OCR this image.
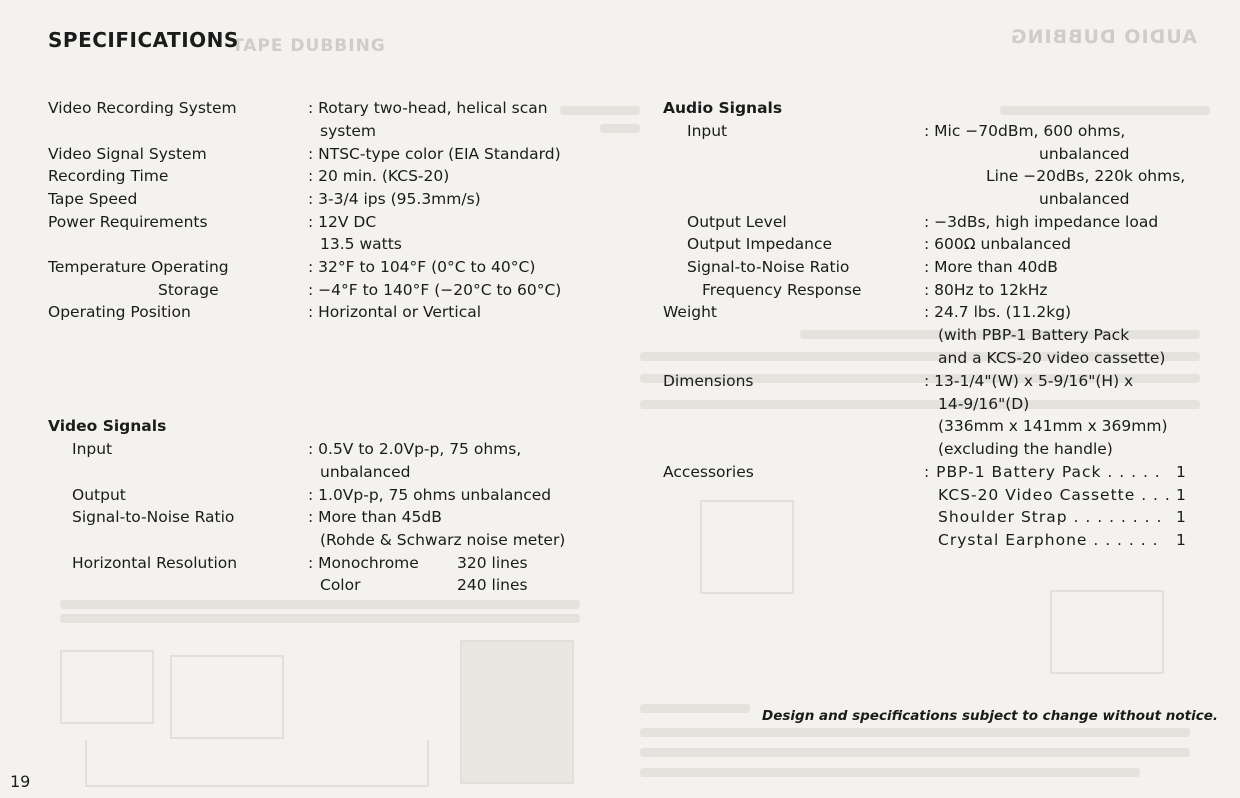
AUDIO DUBBING
TAPE DUBBING
SPECIFICATIONS
Video Recording System	: Rotary two-head, helical scan
system
Video Signal System	: NTSC-type color (EIA Standard)
Recording Time	: 20 min. (KCS-20)
Tape Speed	: 3-3/4 ips (95.3mm/s)
Power Requirements	: 12V DC
13.5 watts
Temperature Operating	: 32°F to 104°F (0°C to 40°C)
Storage	: −4°F to 140°F (−20°C to 60°C)
Operating Position	: Horizontal or Vertical
Video Signals
Input	: 0.5V to 2.0Vp-p, 75 ohms,
unbalanced
Output	: 1.0Vp-p, 75 ohms unbalanced
Signal-to-Noise Ratio	: More than 45dB
(Rohde & Schwarz noise meter)
Horizontal Resolution	: Monochrome 320 lines
Color	240 lines
Audio Signals
Input	: Mic −70dBm, 600 ohms,
unbalanced
Line −20dBs, 220k ohms,
unbalanced
Output Level	: −3dBs, high impedance load
Output Impedance	: 600Ω unbalanced
Signal-to-Noise Ratio	: More than 40dB
Frequency Response	: 80Hz to 12kHz
Weight	: 24.7 lbs. (11.2kg)
(with PBP-1 Battery Pack
and a KCS-20 video cassette)
Dimensions	: 13-1/4"(W) x 5-9/16"(H) x
14-9/16"(D)
(336mm x 141mm x 369mm)
(excluding the handle)
Accessories	: PBP-1 Battery Pack . . . . . 1
KCS-20 Video Cassette . . . 1
Shoulder Strap . . . . . . . . 1
Crystal Earphone . . . . . . 1
Design and specifications subject to change without notice.
19
